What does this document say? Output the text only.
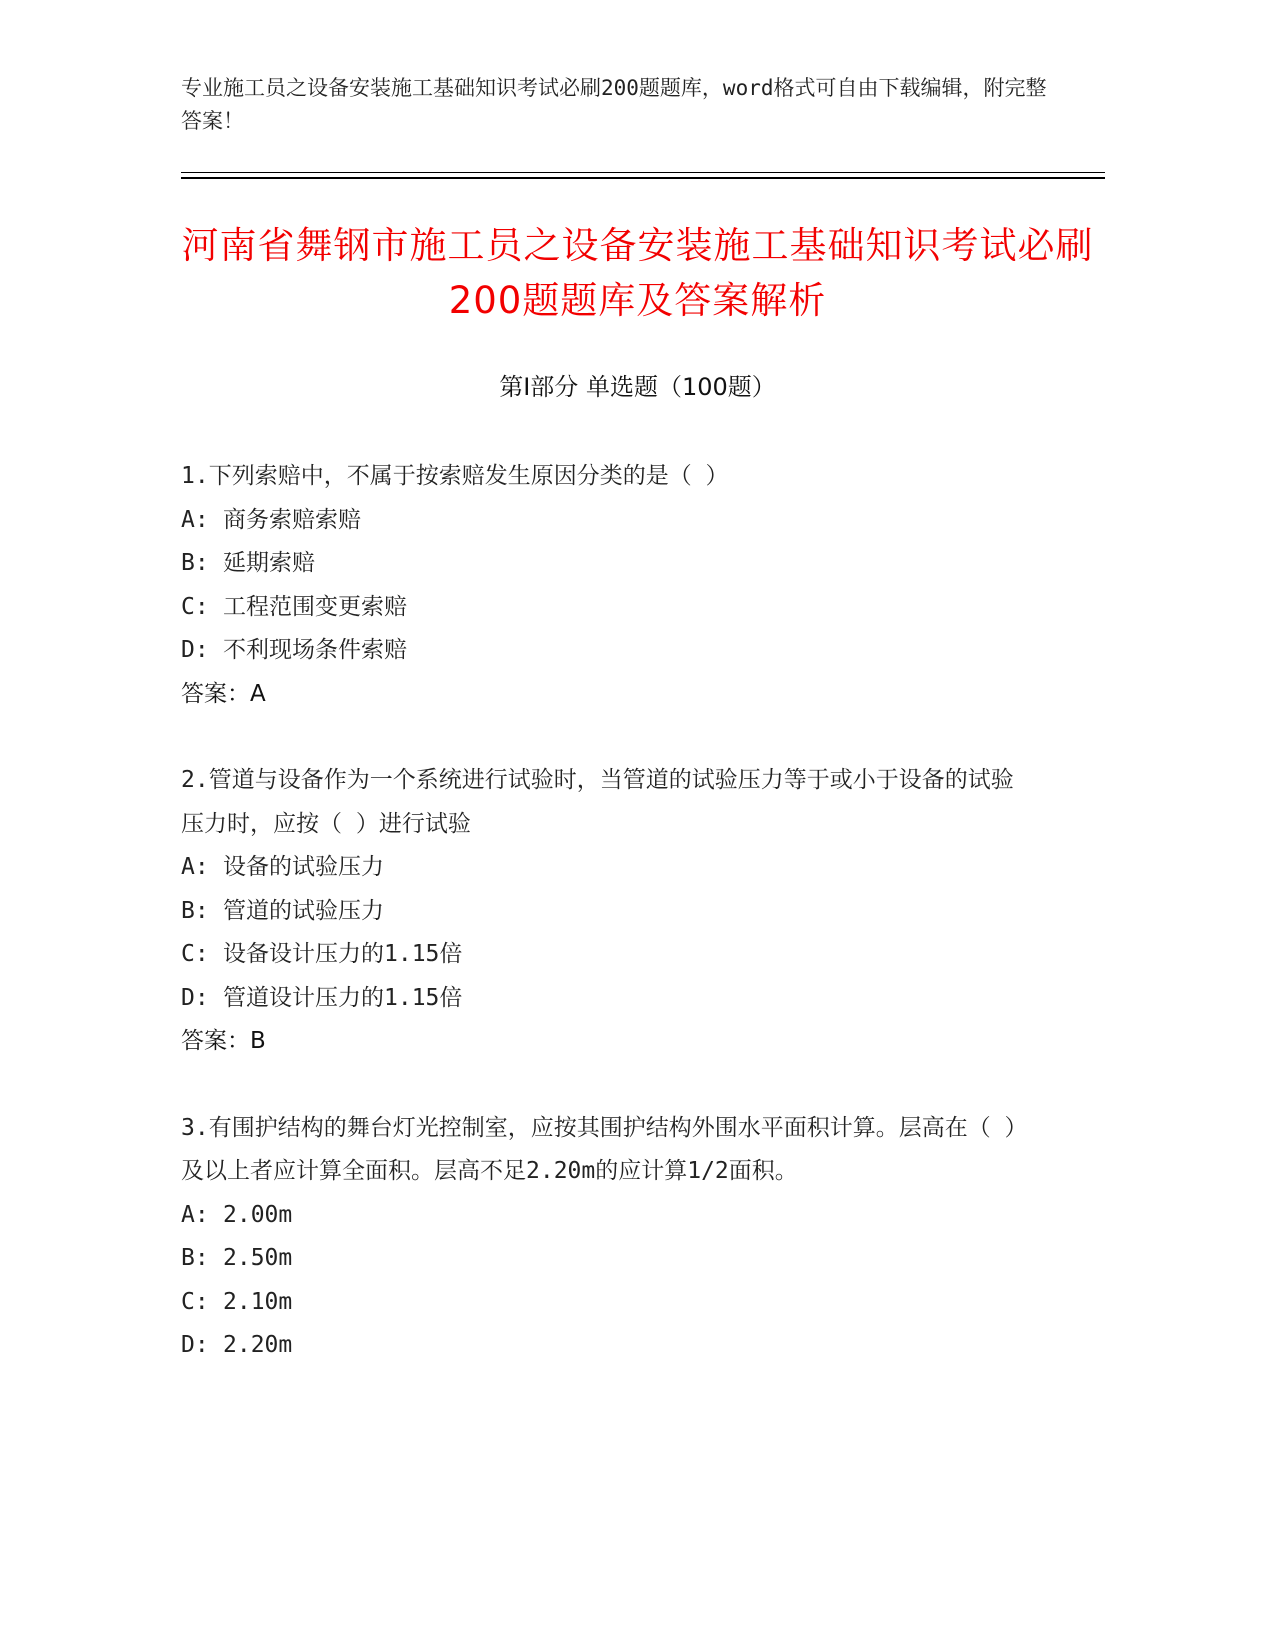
专业施工员之设备安装施工基础知识考试必刷200题题库，word格式可自由下载编辑，附完整答案！
河南省舞钢市施工员之设备安装施工基础知识考试必刷200题题库及答案解析
第Ⅰ部分 单选题（100题）

1.下列索赔中，不属于按索赔发生原因分类的是（ ）

A: 商务索赔索赔

B: 延期索赔

C: 工程范围变更索赔

D: 不利现场条件索赔

答案：A

2.管道与设备作为一个系统进行试验时，当管道的试验压力等于或小于设备的试验压力时，应按（ ）进行试验

A: 设备的试验压力

B: 管道的试验压力

C: 设备设计压力的1.15倍

D: 管道设计压力的1.15倍

答案：B

3.有围护结构的舞台灯光控制室，应按其围护结构外围水平面积计算。层高在（ ）及以上者应计算全面积。层高不足2.20m的应计算1/2面积。

A: 2.00m

B: 2.50m

C: 2.10m

D: 2.20m
